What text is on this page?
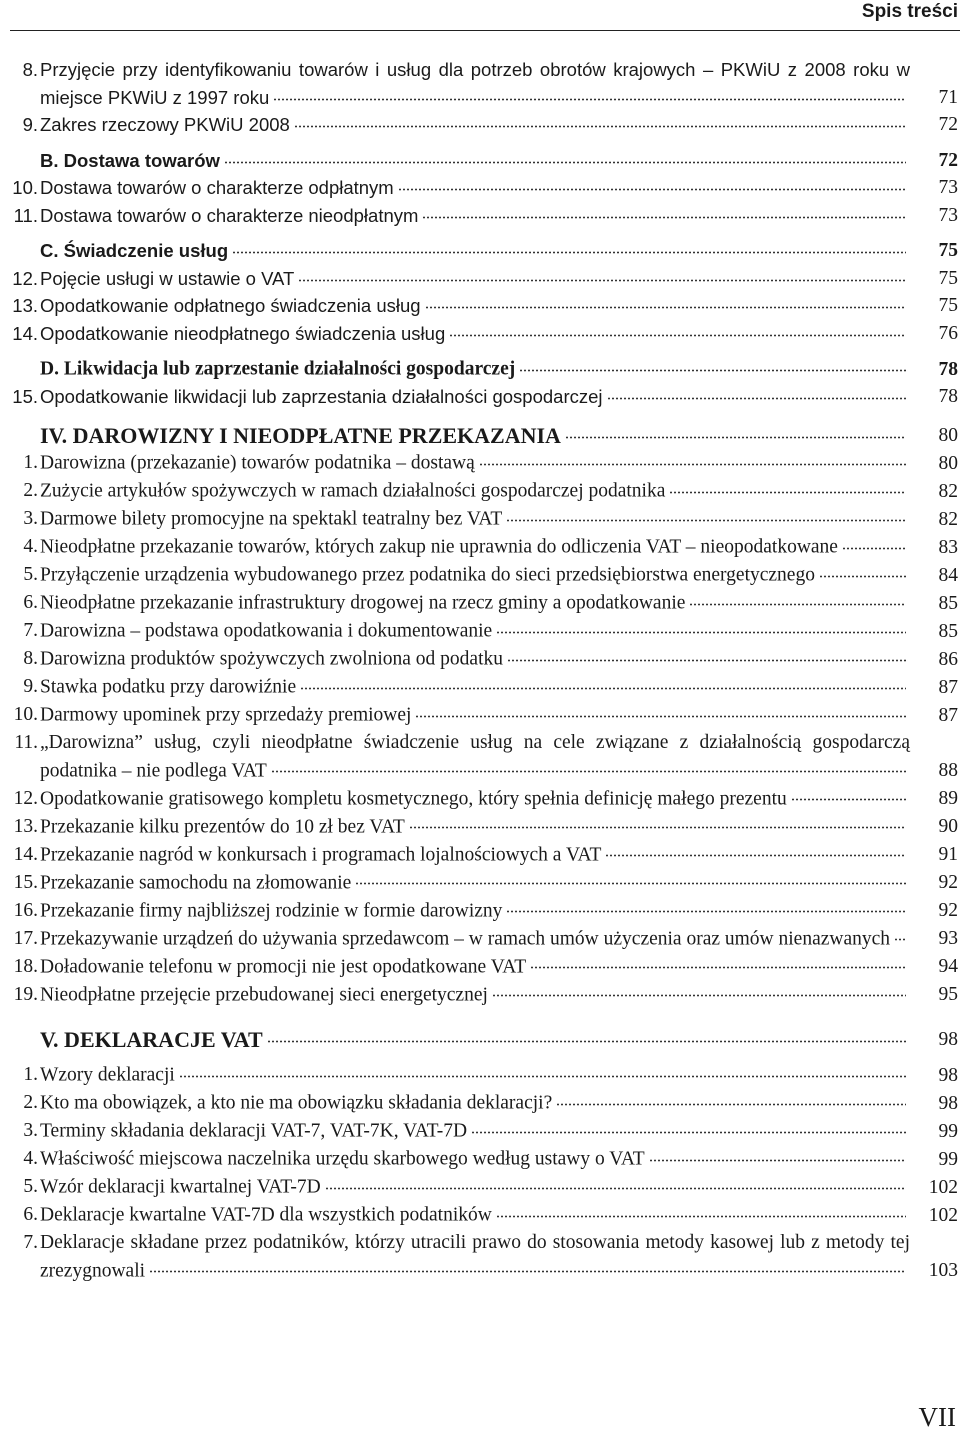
Spis treści
8. Przyjęcie przy identyfikowaniu towarów i usług dla potrzeb obrotów krajowych – PKWiU z 2008 roku w miejsce PKWiU z 1997 roku	71
9. Zakres rzeczowy PKWiU 2008	72
B. Dostawa towarów	72
10. Dostawa towarów o charakterze odpłatnym	73
11. Dostawa towarów o charakterze nieodpłatnym	73
C. Świadczenie usług	75
12. Pojęcie usługi w ustawie o VAT	75
13. Opodatkowanie odpłatnego świadczenia usług	75
14. Opodatkowanie nieodpłatnego świadczenia usług	76
D. Likwidacja lub zaprzestanie działalności gospodarczej	78
15. Opodatkowanie likwidacji lub zaprzestania działalności gospodarczej	78
IV. DAROWIZNY I NIEODPŁATNE PRZEKAZANIA	80
1. Darowizna (przekazanie) towarów podatnika – dostawą	80
2. Zużycie artykułów spożywczych w ramach działalności gospodarczej podatnika	82
3. Darmowe bilety promocyjne na spektakl teatralny bez VAT	82
4. Nieodpłatne przekazanie towarów, których zakup nie uprawnia do odliczenia VAT – nieopodatkowane	83
5. Przyłączenie urządzenia wybudowanego przez podatnika do sieci przedsiębiorstwa energetycznego	84
6. Nieodpłatne przekazanie infrastruktury drogowej na rzecz gminy a opodatkowanie	85
7. Darowizna – podstawa opodatkowania i dokumentowanie	85
8. Darowizna produktów spożywczych zwolniona od podatku	86
9. Stawka podatku przy darowiźnie	87
10. Darmowy upominek przy sprzedaży premiowej	87
11. „Darowizna” usług, czyli nieodpłatne świadczenie usług na cele związane z działalnością gospodarczą podatnika – nie podlega VAT	88
12. Opodatkowanie gratisowego kompletu kosmetycznego, który spełnia definicję małego prezentu	89
13. Przekazanie kilku prezentów do 10 zł bez VAT	90
14. Przekazanie nagród w konkursach i programach lojalnościowych a VAT	91
15. Przekazanie samochodu na złomowanie	92
16. Przekazanie firmy najbliższej rodzinie w formie darowizny	92
17. Przekazywanie urządzeń do używania sprzedawcom – w ramach umów użyczenia oraz umów nienazwanych	93
18. Doładowanie telefonu w promocji nie jest opodatkowane VAT	94
19. Nieodpłatne przejęcie przebudowanej sieci energetycznej	95
V. DEKLARACJE VAT	98
1. Wzory deklaracji	98
2. Kto ma obowiązek, a kto nie ma obowiązku składania deklaracji?	98
3. Terminy składania deklaracji VAT-7, VAT-7K, VAT-7D	99
4. Właściwość miejscowa naczelnika urzędu skarbowego według ustawy o VAT	99
5. Wzór deklaracji kwartalnej VAT-7D	102
6. Deklaracje kwartalne VAT-7D dla wszystkich podatników	102
7. Deklaracje składane przez podatników, którzy utracili prawo do stosowania metody kasowej lub z metody tej zrezygnowali	103
VII
